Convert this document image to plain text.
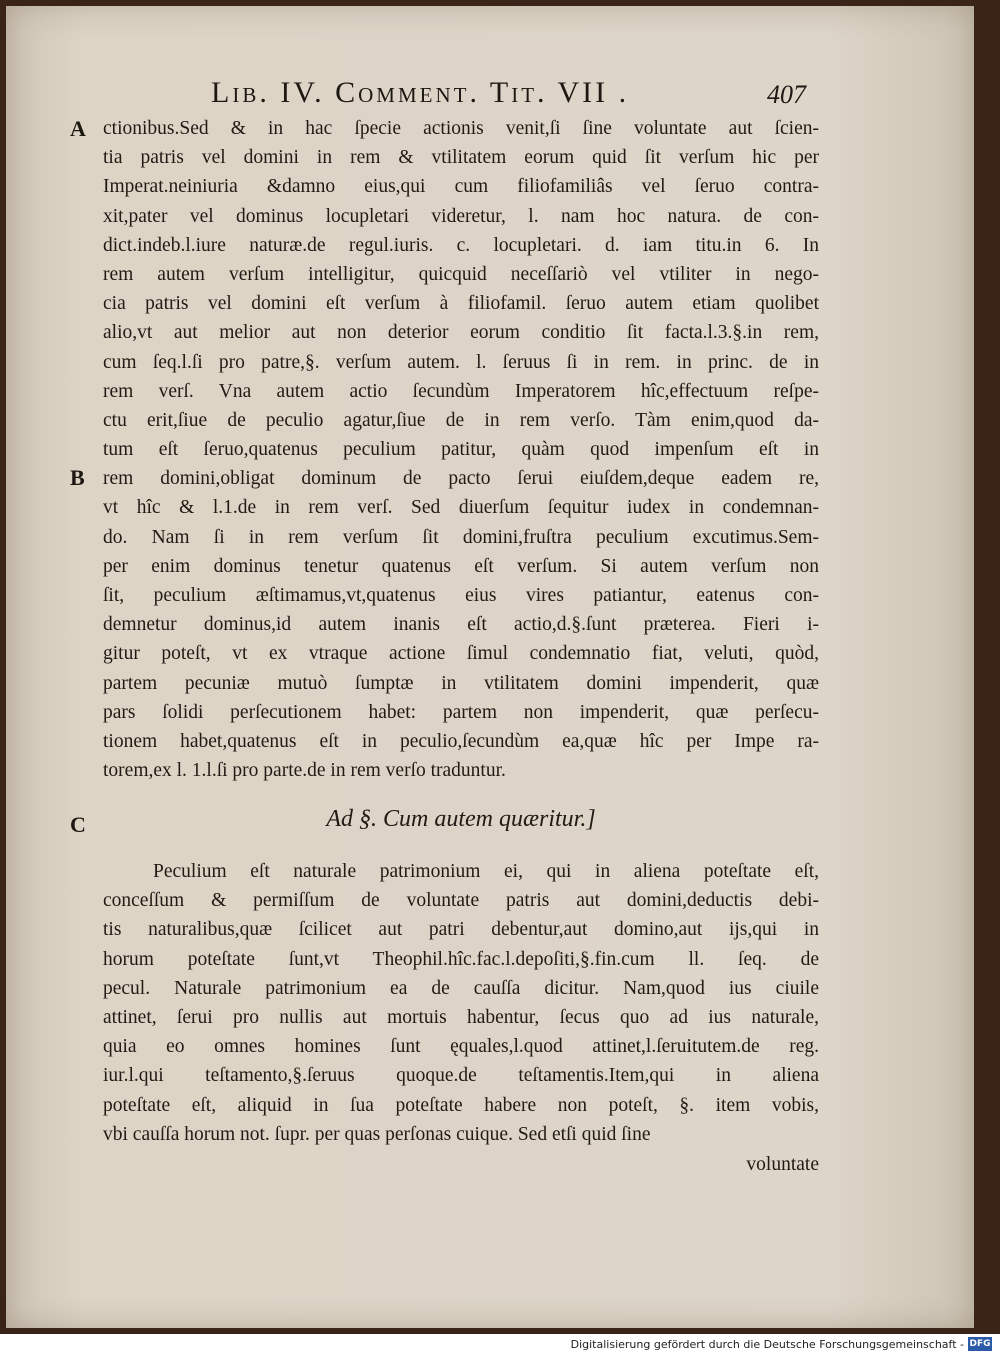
Lib. IV. Comment. Tit. VII .	407
A
B
C
ctionibus.Sed & in hac ſpecie actionis venit,ſi ſine voluntate aut ſcien-
tia patris vel domini in rem & vtilitatem eorum quid ſit verſum hic per
Imperat.neiniuria &damno eius,qui cum filiofamiliâs vel ſeruo contra-
xit,pater vel dominus locupletari videretur, l. nam hoc natura. de con-
dict.indeb.l.iure naturæ.de regul.iuris. c. locupletari. d. iam titu.in 6. In
rem autem verſum intelligitur, quicquid neceſſariò vel vtiliter in nego-
cia patris vel domini eſt verſum à filiofamil. ſeruo autem etiam quolibet
alio,vt aut melior aut non deterior eorum conditio ſit facta.l.3.§.in rem,
cum ſeq.l.ſi pro patre,§. verſum autem. l. ſeruus ſi in rem. in princ. de in
rem verſ. Vna autem actio ſecundùm Imperatorem hîc,effectuum reſpe-
ctu erit,ſiue de peculio agatur,ſiue de in rem verſo. Tàm enim,quod da-
tum eſt ſeruo,quatenus peculium patitur, quàm quod impenſum eſt in
rem domini,obligat dominum de pacto ſerui eiuſdem,deque eadem re,
vt hîc & l.1.de in rem verſ. Sed diuerſum ſequitur iudex in condemnan-
do. Nam ſi in rem verſum ſit domini,fruſtra peculium excutimus.Sem-
per enim dominus tenetur quatenus eſt verſum. Si autem verſum non
ſit, peculium æſtimamus,vt,quatenus eius vires patiantur, eatenus con-
demnetur dominus,id autem inanis eſt actio,d.§.ſunt præterea. Fieri i-
gitur poteſt, vt ex vtraque actione ſimul condemnatio fiat, veluti, quòd,
partem pecuniæ mutuò ſumptæ in vtilitatem domini impenderit, quæ
pars ſolidi perſecutionem habet: partem non impenderit, quæ perſecu-
tionem habet,quatenus eſt in peculio,ſecundùm ea,quæ hîc per Impe ra-
torem,ex l. 1.l.ſi pro parte.de in rem verſo traduntur.
Ad §. Cum autem quæritur.]
Peculium eſt naturale patrimonium ei, qui in aliena poteſtate eſt,
conceſſum & permiſſum de voluntate patris aut domini,deductis debi-
tis naturalibus,quæ ſcilicet aut patri debentur,aut domino,aut ijs,qui in
horum poteſtate ſunt,vt Theophil.hîc.fac.l.depoſiti,§.fin.cum ll. ſeq. de
pecul. Naturale patrimonium ea de cauſſa dicitur. Nam,quod ius ciuile
attinet, ſerui pro nullis aut mortuis habentur, ſecus quo ad ius naturale,
quia eo omnes homines ſunt ęquales,l.quod attinet,l.ſeruitutem.de reg.
iur.l.qui teſtamento,§.ſeruus quoque.de teſtamentis.Item,qui in aliena
poteſtate eſt, aliquid in ſua poteſtate habere non poteſt, §. item vobis,
vbi cauſſa horum not. ſupr. per quas perſonas cuique. Sed etſi quid ſine
voluntate
Digitalisierung gefördert durch die Deutsche Forschungsgemeinschaft - DFG
